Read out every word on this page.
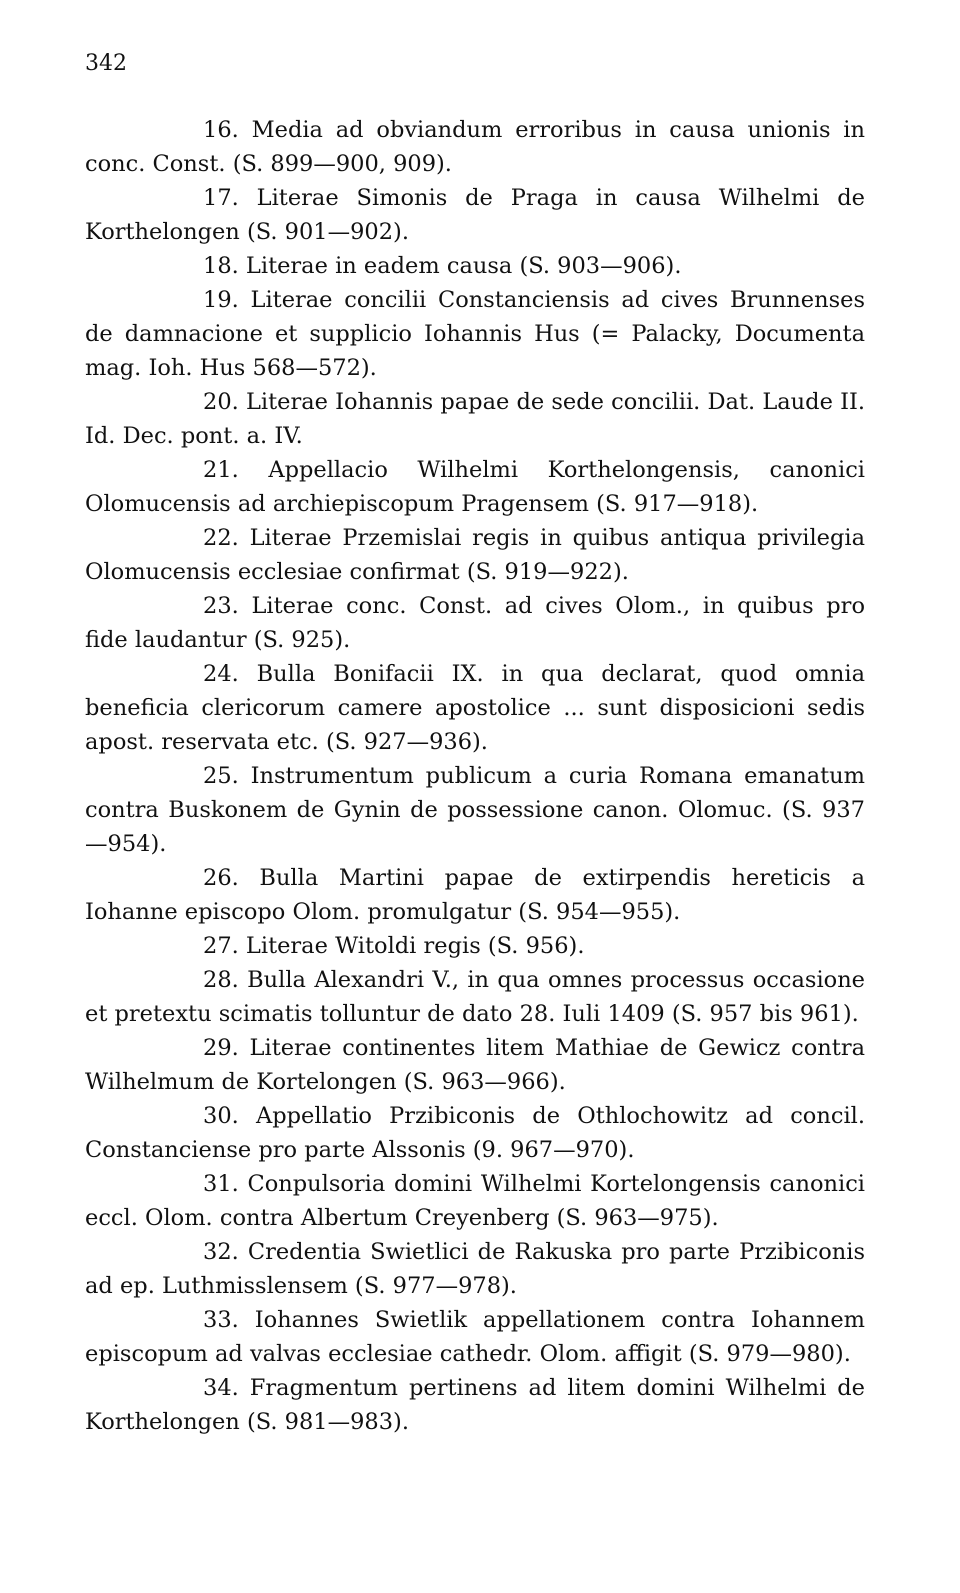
342

16. Media ad obviandum erroribus in causa unionis in conc. Const. (S. 899—900, 909).

17. Literae Simonis de Praga in causa Wilhelmi de Korthelongen (S. 901—902).

18. Literae in eadem causa (S. 903—906).

19. Literae concilii Constanciensis ad cives Brunnenses de damnacione et supplicio Iohannis Hus (= Palacky, Documenta mag. Ioh. Hus 568—572).

20. Literae Iohannis papae de sede concilii. Dat. Laude II. Id. Dec. pont. a. IV.

21. Appellacio Wilhelmi Korthelongensis, canonici Olomucensis ad archiepiscopum Pragensem (S. 917—918).

22. Literae Przemislai regis in quibus antiqua privilegia Olomucensis ecclesiae confirmat (S. 919—922).

23. Literae conc. Const. ad cives Olom., in quibus pro fide laudantur (S. 925).

24. Bulla Bonifacii IX. in qua declarat, quod omnia beneficia clericorum camere apostolice ... sunt disposicioni sedis apost. reservata etc. (S. 927—936).

25. Instrumentum publicum a curia Romana emanatum contra Buskonem de Gynin de possessione canon. Olomuc. (S. 937—954).

26. Bulla Martini papae de extirpendis hereticis a Iohanne episcopo Olom. promulgatur (S. 954—955).

27. Literae Witoldi regis (S. 956).

28. Bulla Alexandri V., in qua omnes processus occasione et pretextu scimatis tolluntur de dato 28. Iuli 1409 (S. 957 bis 961).

29. Literae continentes litem Mathiae de Gewicz contra Wilhelmum de Kortelongen (S. 963—966).

30. Appellatio Przibiconis de Othlochowitz ad concil. Constanciense pro parte Alssonis (9. 967—970).

31. Conpulsoria domini Wilhelmi Kortelongensis canonici eccl. Olom. contra Albertum Creyenberg (S. 963—975).

32. Credentia Swietlici de Rakuska pro parte Przibiconis ad ep. Luthmisslensem (S. 977—978).

33. Iohannes Swietlik appellationem contra Iohannem episcopum ad valvas ecclesiae cathedr. Olom. affigit (S. 979—980).

34. Fragmentum pertinens ad litem domini Wilhelmi de Korthelongen (S. 981—983).
